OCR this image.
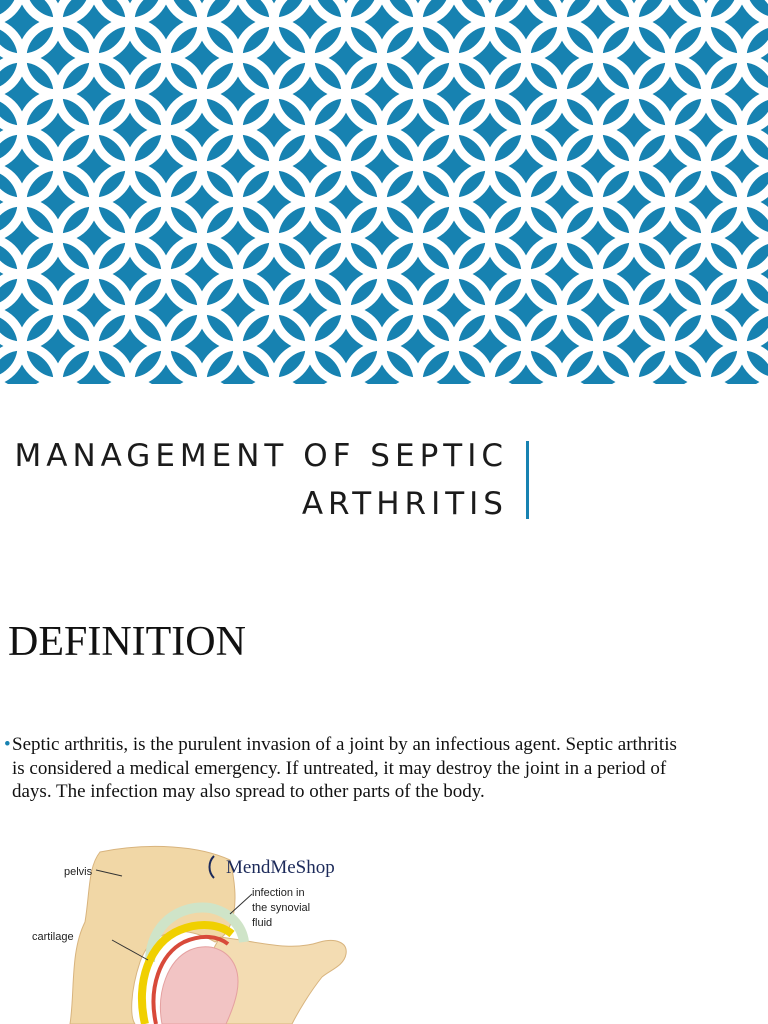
MANAGEMENT OF SEPTIC
ARTHRITIS
DEFINITION
• Septic arthritis, is the purulent invasion of a joint by an infectious agent. Septic arthritis is considered a medical emergency. If untreated, it may destroy the joint in a period of days. The infection may also spread to other parts of the body.
MendMeShop
pelvis
cartilage
infection in
the synovial
fluid
